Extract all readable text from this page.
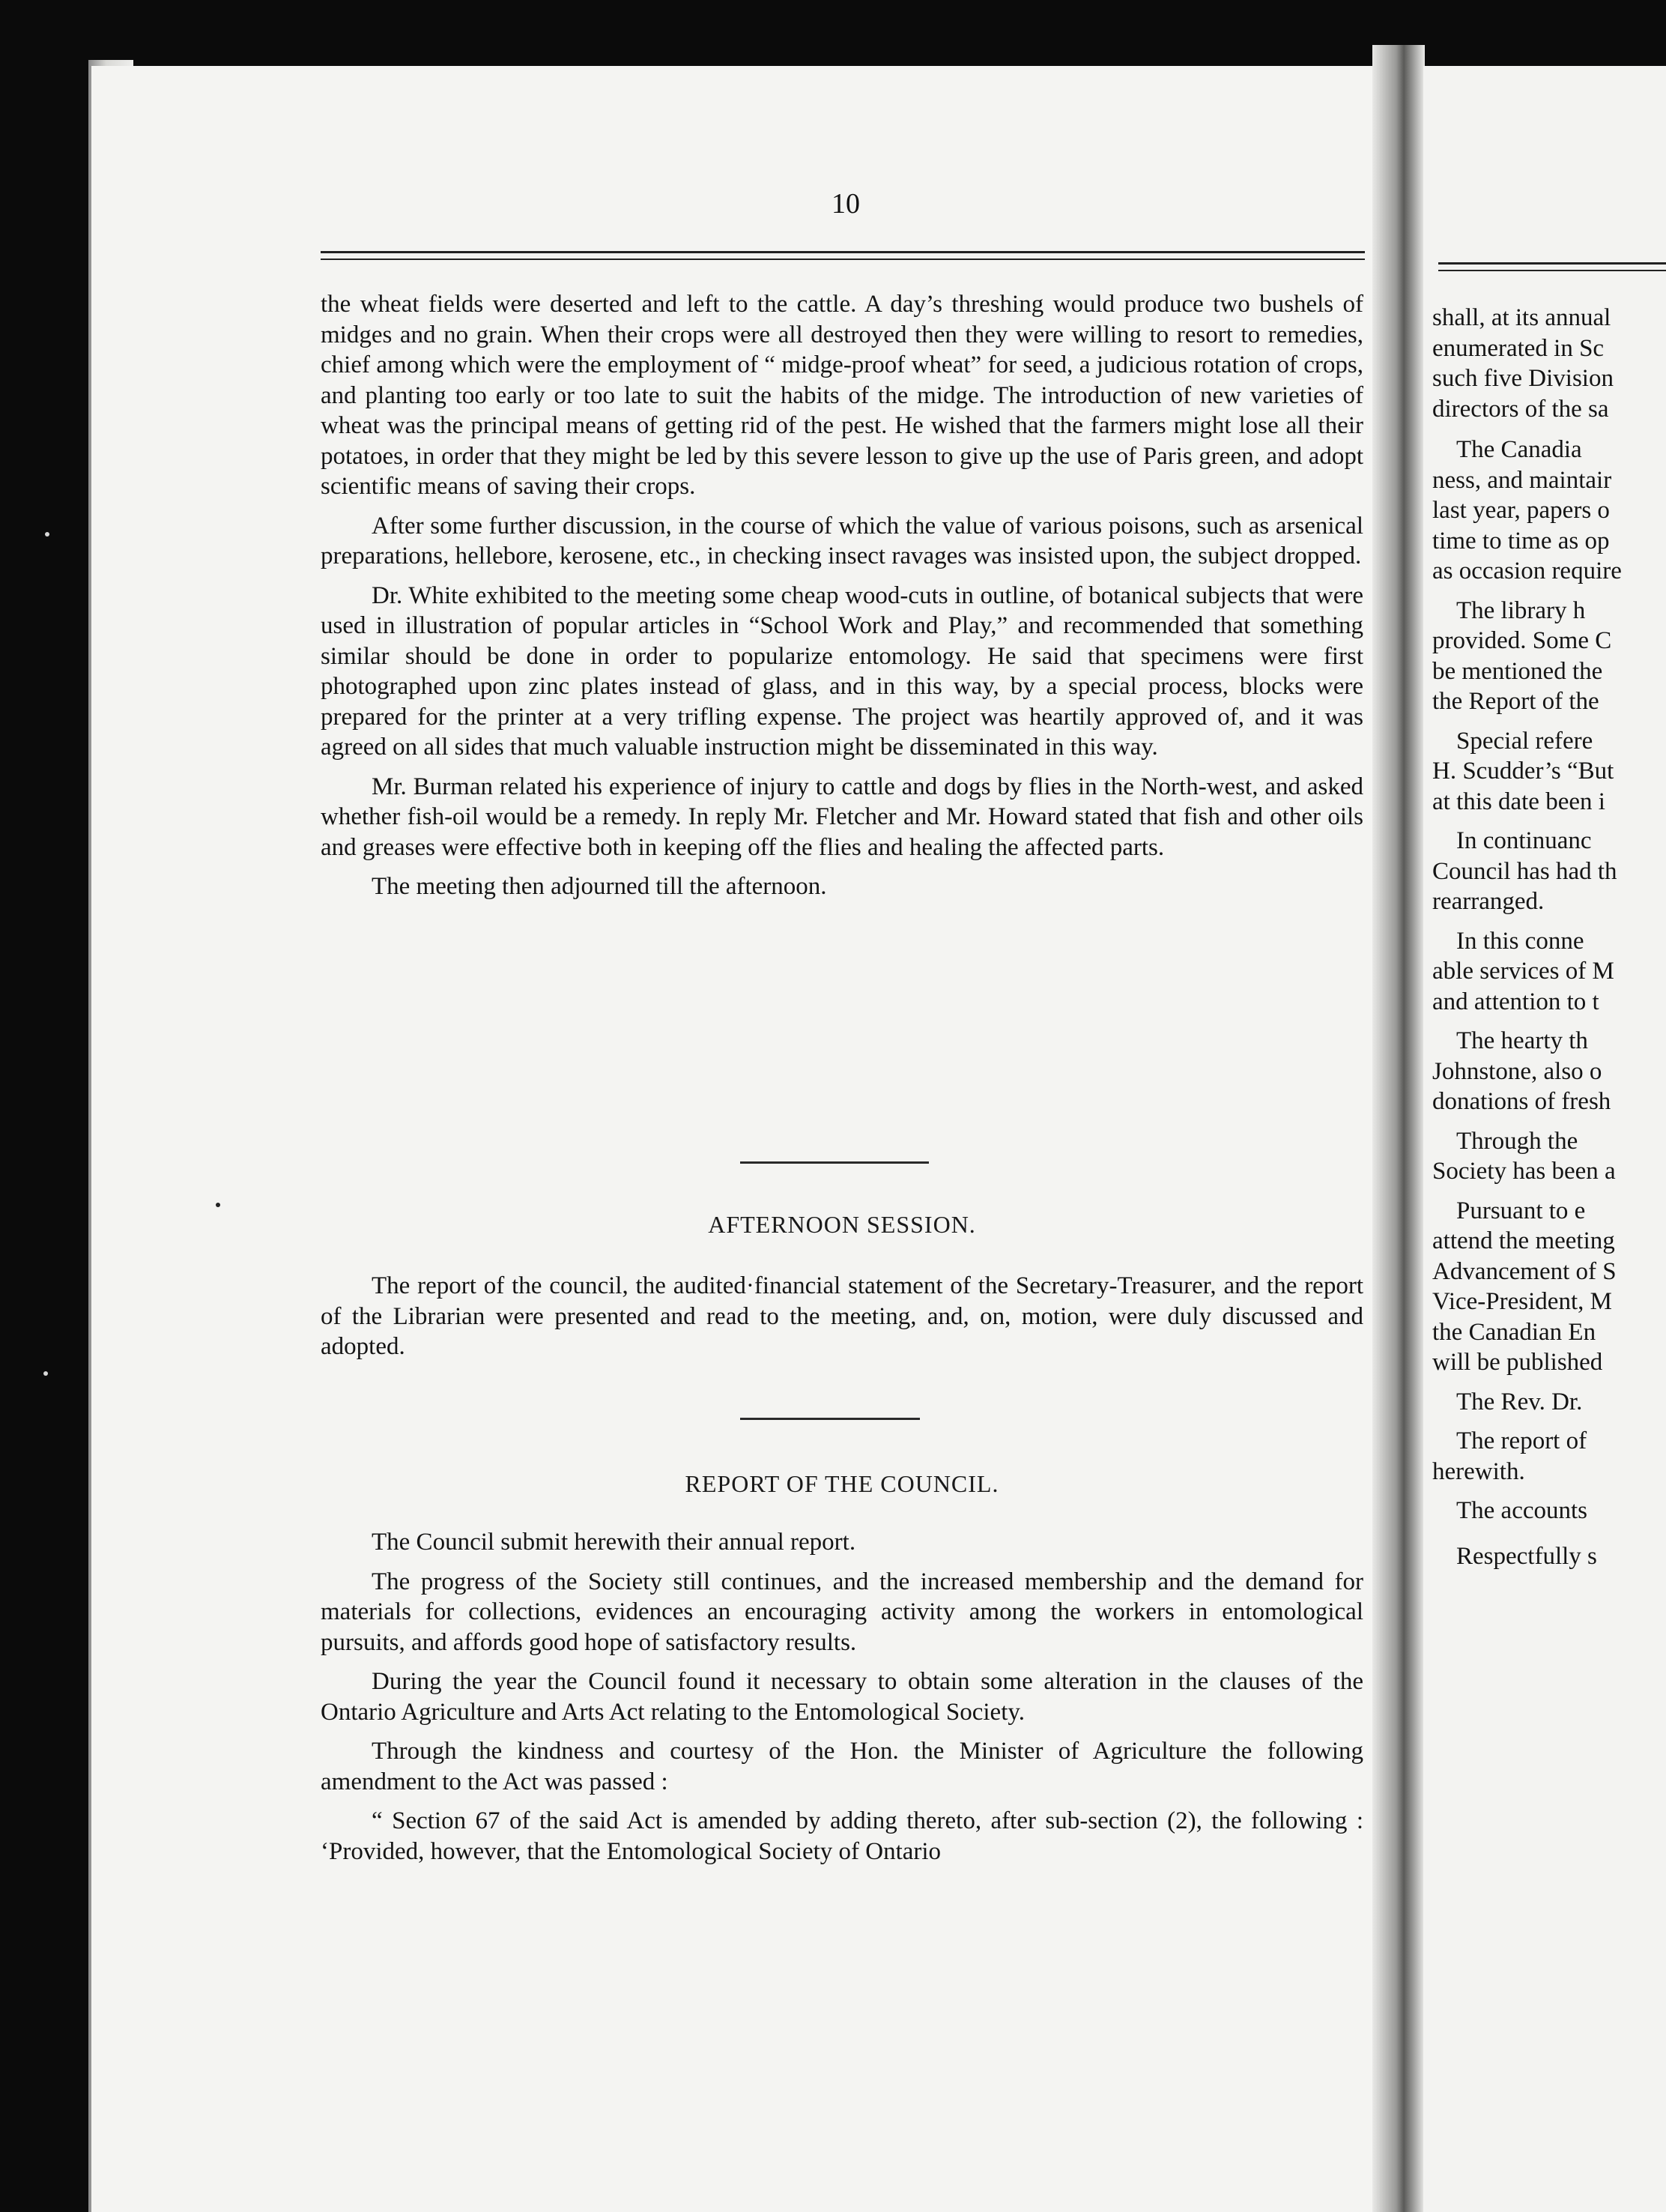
10

the wheat fields were deserted and left to the cattle. A day’s threshing would produce two bushels of midges and no grain. When their crops were all destroyed then they were willing to resort to remedies, chief among which were the employment of “ midge-proof wheat” for seed, a judicious rotation of crops, and planting too early or too late to suit the habits of the midge. The introduction of new varieties of wheat was the principal means of getting rid of the pest. He wished that the farmers might lose all their potatoes, in order that they might be led by this severe lesson to give up the use of Paris green, and adopt scientific means of saving their crops.

After some further discussion, in the course of which the value of various poisons, such as arsenical preparations, hellebore, kerosene, etc., in checking insect ravages was insisted upon, the subject dropped.

Dr. White exhibited to the meeting some cheap wood-cuts in outline, of botanical subjects that were used in illustration of popular articles in “School Work and Play,” and recommended that something similar should be done in order to popularize entomology. He said that specimens were first photographed upon zinc plates instead of glass, and in this way, by a special process, blocks were prepared for the printer at a very trifling expense. The project was heartily approved of, and it was agreed on all sides that much valuable instruction might be disseminated in this way.

Mr. Burman related his experience of injury to cattle and dogs by flies in the North-west, and asked whether fish-oil would be a remedy. In reply Mr. Fletcher and Mr. Howard stated that fish and other oils and greases were effective both in keeping off the flies and healing the affected parts.

The meeting then adjourned till the afternoon.

AFTERNOON SESSION.

The report of the council, the audited·financial statement of the Secretary-Treasurer, and the report of the Librarian were presented and read to the meeting, and, on, motion, were duly discussed and adopted.

REPORT OF THE COUNCIL.

The Council submit herewith their annual report.

The progress of the Society still continues, and the increased membership and the demand for materials for collections, evidences an encouraging activity among the workers in entomological pursuits, and affords good hope of satisfactory results.

During the year the Council found it necessary to obtain some alteration in the clauses of the Ontario Agriculture and Arts Act relating to the Entomological Society.

Through the kindness and courtesy of the Hon. the Minister of Agriculture the following amendment to the Act was passed :

“ Section 67 of the said Act is amended by adding thereto, after sub-section (2), the following : ‘Provided, however, that the Entomological Society of Ontario

shall, at its annual
enumerated in Sc
such five Division
directors of the sa
The Canadia
ness, and maintair
last year, papers o
time to time as op
as occasion require
The library h
provided. Some C
be mentioned the
the Report of the
Special refere
H. Scudder’s “But
at this date been i
In continuanc
Council has had th
rearranged.
In this conne
able services of M
and attention to t
The hearty th
Johnstone, also o
donations of fresh
Through the
Society has been a
Pursuant to e
attend the meeting
Advancement of S
Vice-President, M
the Canadian En
will be published
The Rev. Dr.
The report of
herewith.
The accounts
Respectfully s
